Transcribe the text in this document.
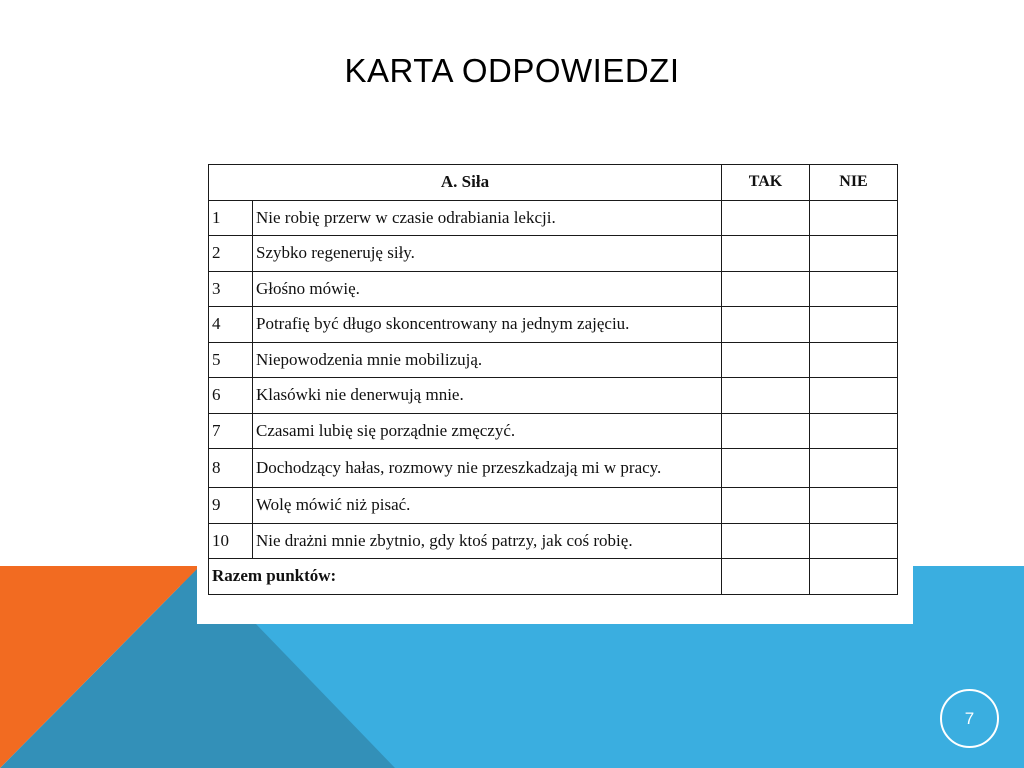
KARTA ODPOWIEDZI
A. Siła		TAK	NIE
1	Nie robię przerw w czasie odrabiania lekcji.		
2	Szybko regeneruję siły.		
3	Głośno mówię.		
4	Potrafię być długo skoncentrowany na jednym zajęciu.		
5	Niepowodzenia mnie mobilizują.		
6	Klasówki nie denerwują mnie.		
7	Czasami lubię się porządnie zmęczyć.		
8	Dochodzący hałas, rozmowy nie przeszkadzają mi w pracy.		
9	Wolę mówić niż pisać.		
10	Nie drażni mnie zbytnio, gdy ktoś patrzy, jak coś robię.		
Razem punktów:			
7
